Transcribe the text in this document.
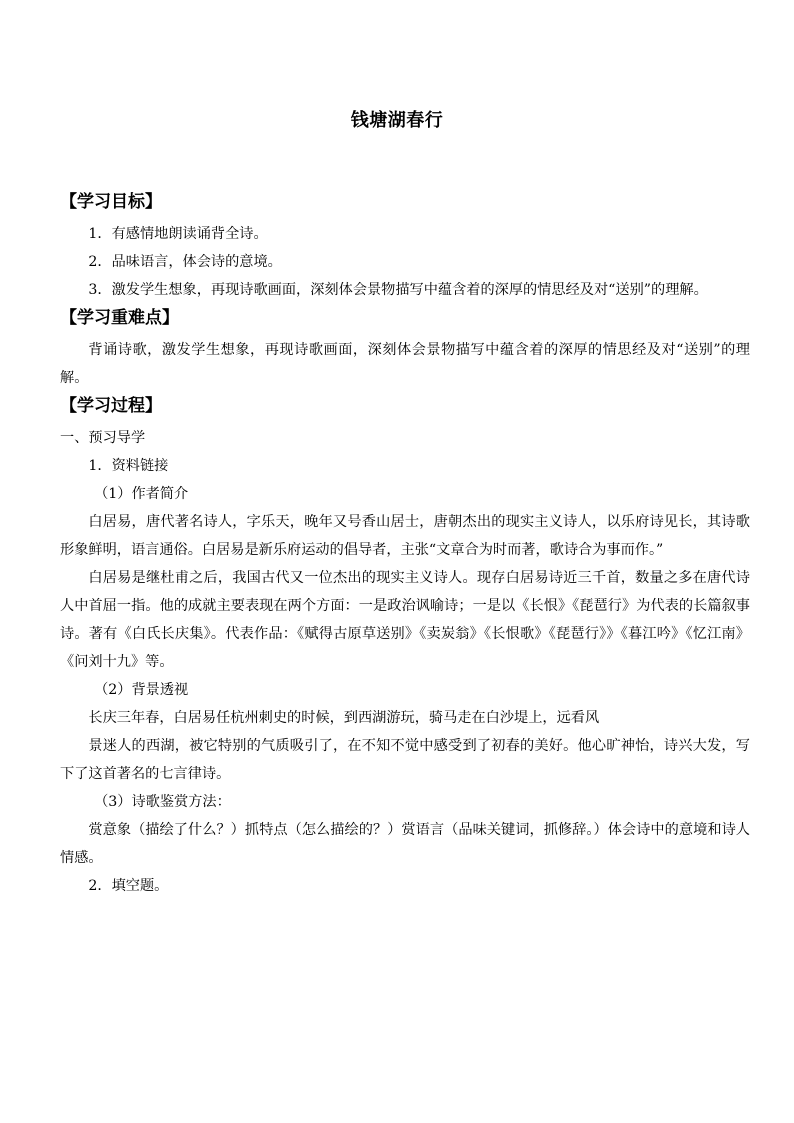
钱塘湖春行

【学习目标】

1．有感情地朗读诵背全诗。

2．品味语言，体会诗的意境。

3．激发学生想象，再现诗歌画面，深刻体会景物描写中蕴含着的深厚的情思经及对“送别”的理解。

【学习重难点】

背诵诗歌，激发学生想象，再现诗歌画面，深刻体会景物描写中蕴含着的深厚的情思经及对“送别”的理解。

【学习过程】

一、预习导学

1．资料链接

（1）作者简介

白居易，唐代著名诗人，字乐天，晚年又号香山居士，唐朝杰出的现实主义诗人，以乐府诗见长，其诗歌形象鲜明，语言通俗。白居易是新乐府运动的倡导者，主张“文章合为时而著，歌诗合为事而作。”

白居易是继杜甫之后，我国古代又一位杰出的现实主义诗人。现存白居易诗近三千首，数量之多在唐代诗人中首屈一指。他的成就主要表现在两个方面：一是政治讽喻诗；一是以《长恨》《琵琶行》为代表的长篇叙事诗。著有《白氏长庆集》。代表作品：《赋得古原草送别》《卖炭翁》《长恨歌》《琵琶行》》《暮江吟》《忆江南》《问刘十九》等。

（2）背景透视

长庆三年春，白居易任杭州刺史的时候，到西湖游玩，骑马走在白沙堤上，远看风

景迷人的西湖，被它特别的气质吸引了，在不知不觉中感受到了初春的美好。他心旷神怡，诗兴大发，写下了这首著名的七言律诗。

（3）诗歌鉴赏方法：

赏意象（描绘了什么？）抓特点（怎么描绘的？）赏语言（品味关键词，抓修辞。）体会诗中的意境和诗人情感。

2．填空题。
